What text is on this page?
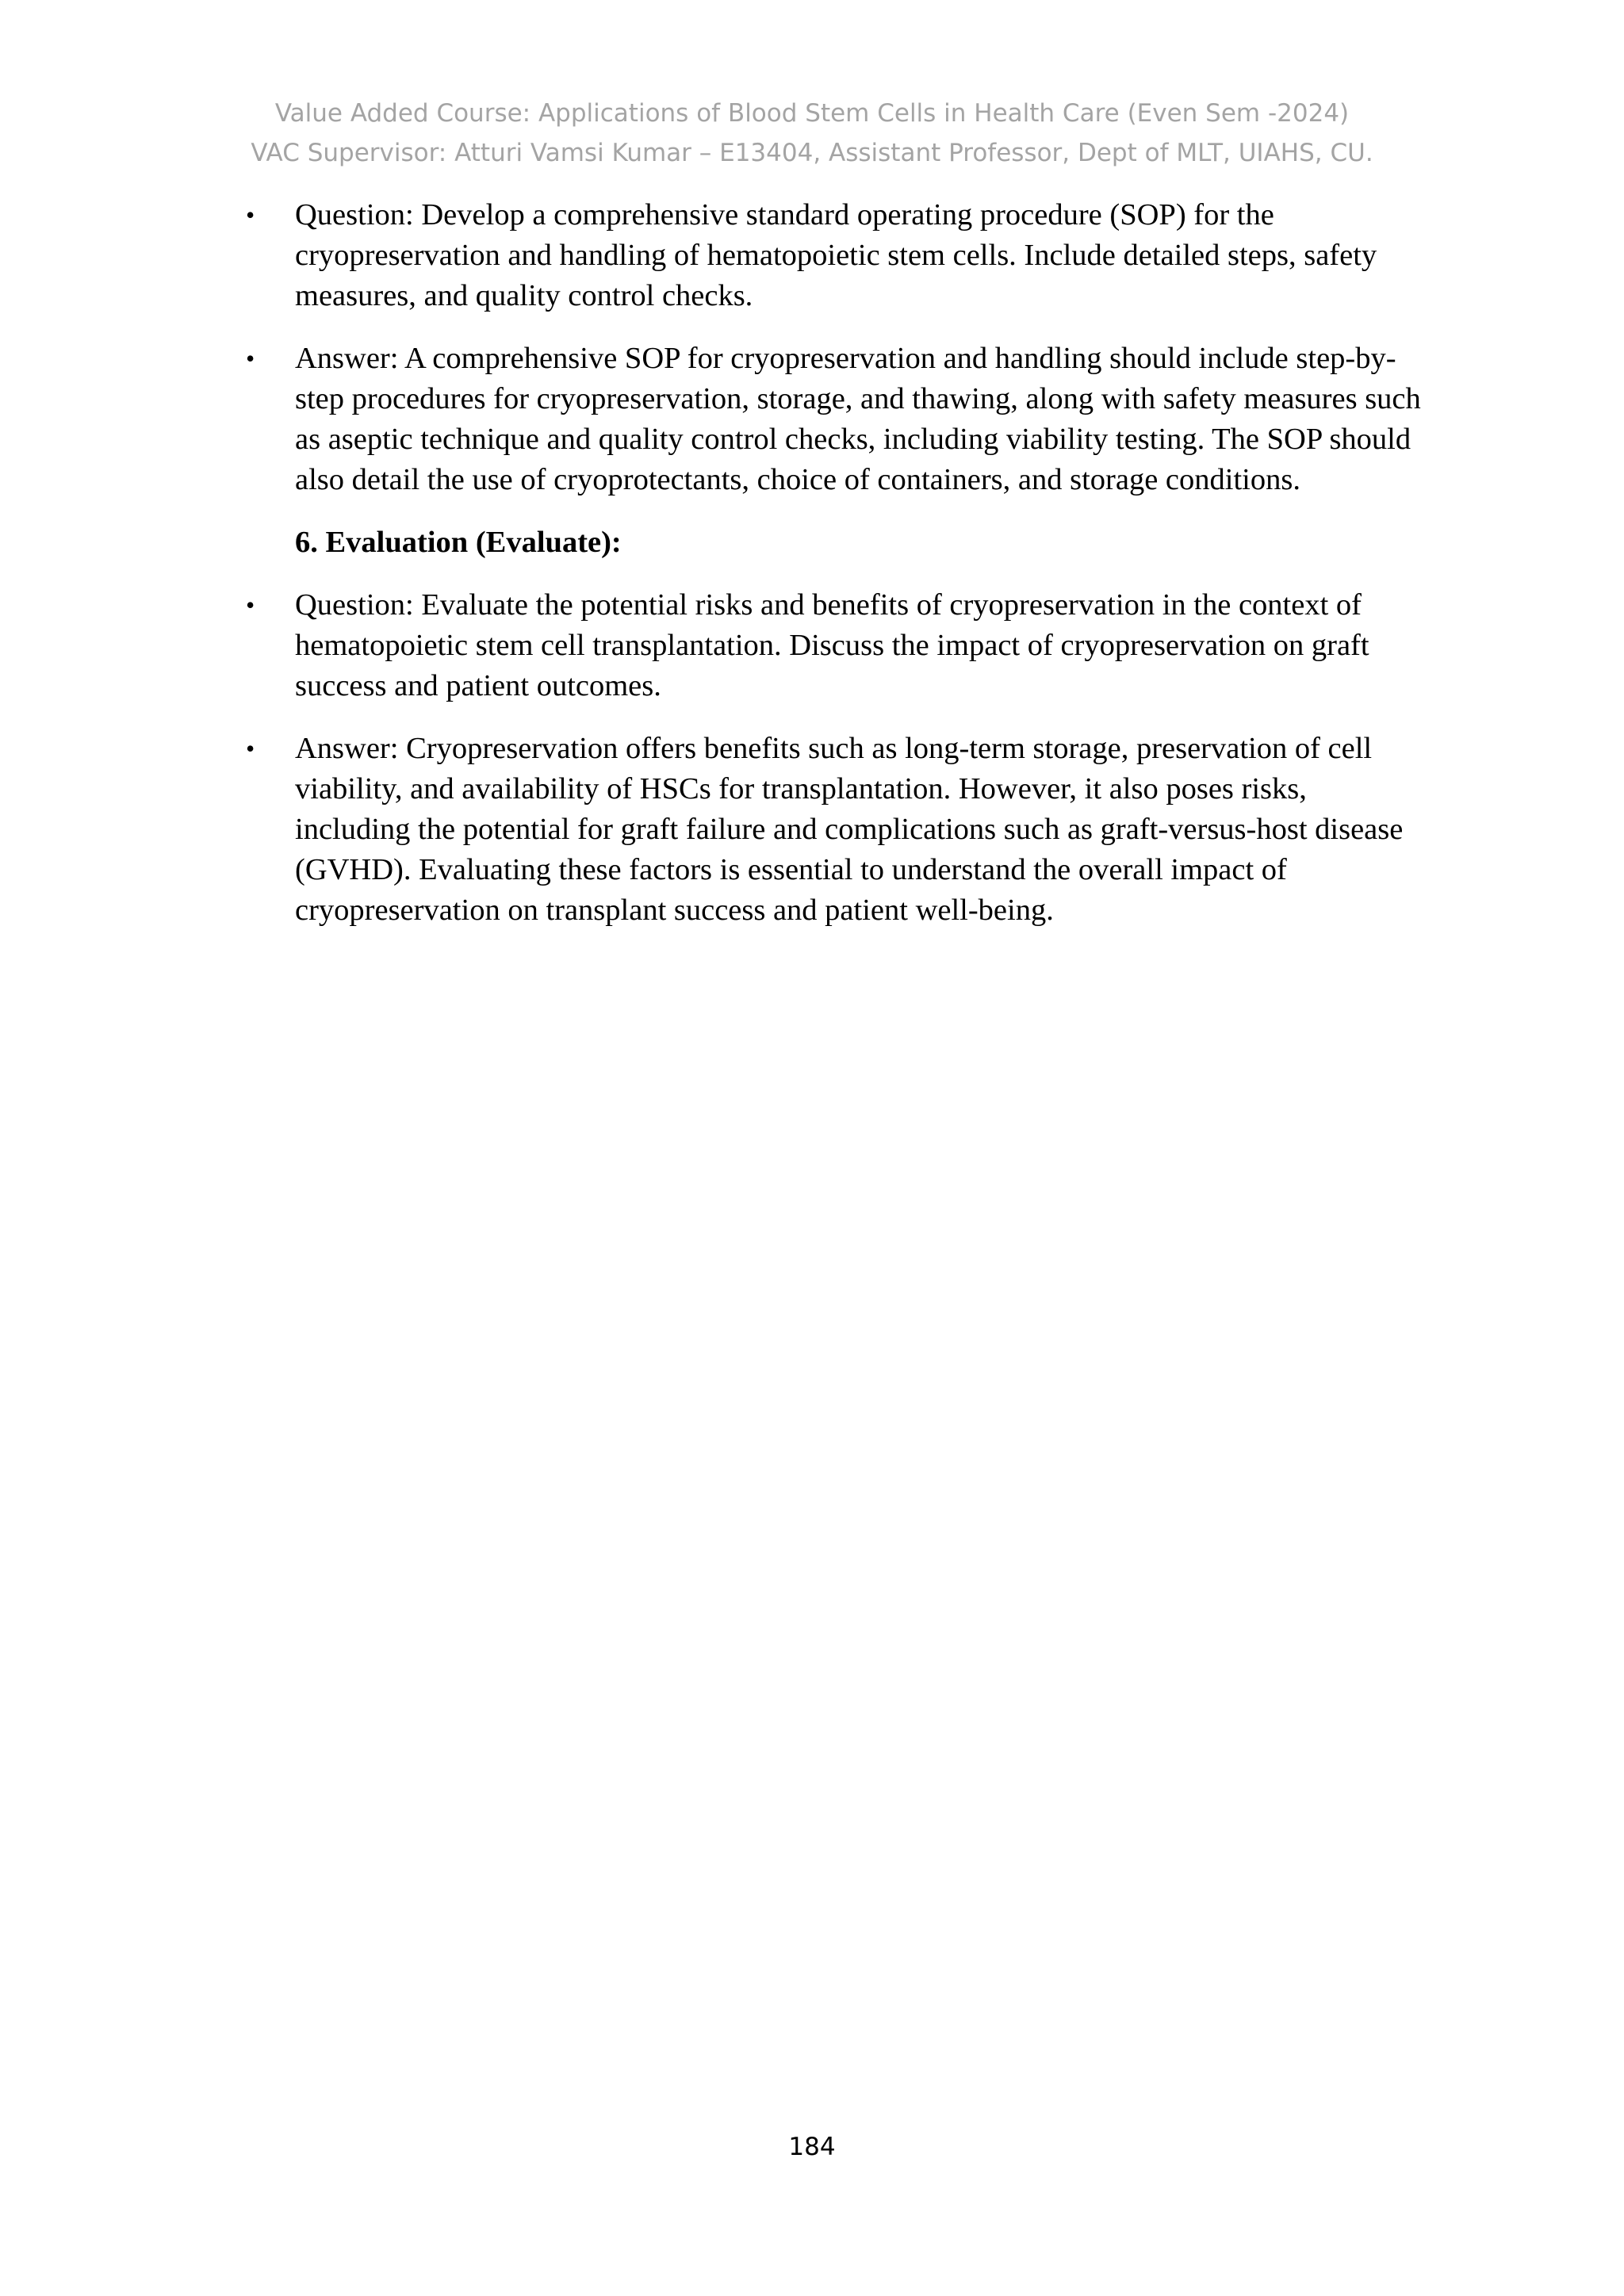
Value Added Course: Applications of Blood Stem Cells in Health Care (Even Sem -2024)
VAC Supervisor: Atturi Vamsi Kumar – E13404, Assistant Professor, Dept of MLT, UIAHS, CU.
• Question: Develop a comprehensive standard operating procedure (SOP) for the cryopreservation and handling of hematopoietic stem cells. Include detailed steps, safety measures, and quality control checks.
• Answer: A comprehensive SOP for cryopreservation and handling should include step-by-step procedures for cryopreservation, storage, and thawing, along with safety measures such as aseptic technique and quality control checks, including viability testing. The SOP should also detail the use of cryoprotectants, choice of containers, and storage conditions.
6. Evaluation (Evaluate):
• Question: Evaluate the potential risks and benefits of cryopreservation in the context of hematopoietic stem cell transplantation. Discuss the impact of cryopreservation on graft success and patient outcomes.
• Answer: Cryopreservation offers benefits such as long-term storage, preservation of cell viability, and availability of HSCs for transplantation. However, it also poses risks, including the potential for graft failure and complications such as graft-versus-host disease (GVHD). Evaluating these factors is essential to understand the overall impact of cryopreservation on transplant success and patient well-being.
184
